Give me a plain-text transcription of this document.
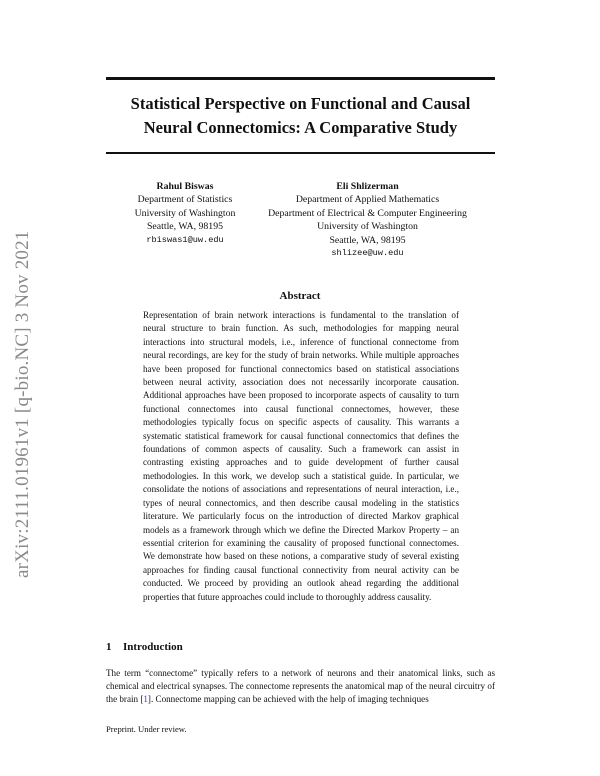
arXiv:2111.01961v1 [q-bio.NC] 3 Nov 2021
Statistical Perspective on Functional and Causal Neural Connectomics: A Comparative Study
Rahul Biswas
Department of Statistics
University of Washington
Seattle, WA, 98195
rbiswas1@uw.edu
Eli Shlizerman
Department of Applied Mathematics
Department of Electrical & Computer Engineering
University of Washington
Seattle, WA, 98195
shlizee@uw.edu
Abstract
Representation of brain network interactions is fundamental to the translation of neural structure to brain function. As such, methodologies for mapping neural interactions into structural models, i.e., inference of functional connectome from neural recordings, are key for the study of brain networks. While multiple approaches have been proposed for functional connectomics based on statistical associations between neural activity, association does not necessarily incorporate causation. Additional approaches have been proposed to incorporate aspects of causality to turn functional connectomes into causal functional connectomes, however, these methodologies typically focus on specific aspects of causality. This warrants a systematic statistical framework for causal functional connectomics that defines the foundations of common aspects of causality. Such a framework can assist in contrasting existing approaches and to guide development of further causal methodologies. In this work, we develop such a statistical guide. In particular, we consolidate the notions of associations and representations of neural interaction, i.e., types of neural connectomics, and then describe causal modeling in the statistics literature. We particularly focus on the introduction of directed Markov graphical models as a framework through which we define the Directed Markov Property – an essential criterion for examining the causality of proposed functional connectomes. We demonstrate how based on these notions, a comparative study of several existing approaches for finding causal functional connectivity from neural activity can be conducted. We proceed by providing an outlook ahead regarding the additional properties that future approaches could include to thoroughly address causality.
1 Introduction
The term “connectome” typically refers to a network of neurons and their anatomical links, such as chemical and electrical synapses. The connectome represents the anatomical map of the neural circuitry of the brain [1]. Connectome mapping can be achieved with the help of imaging techniques
Preprint. Under review.
